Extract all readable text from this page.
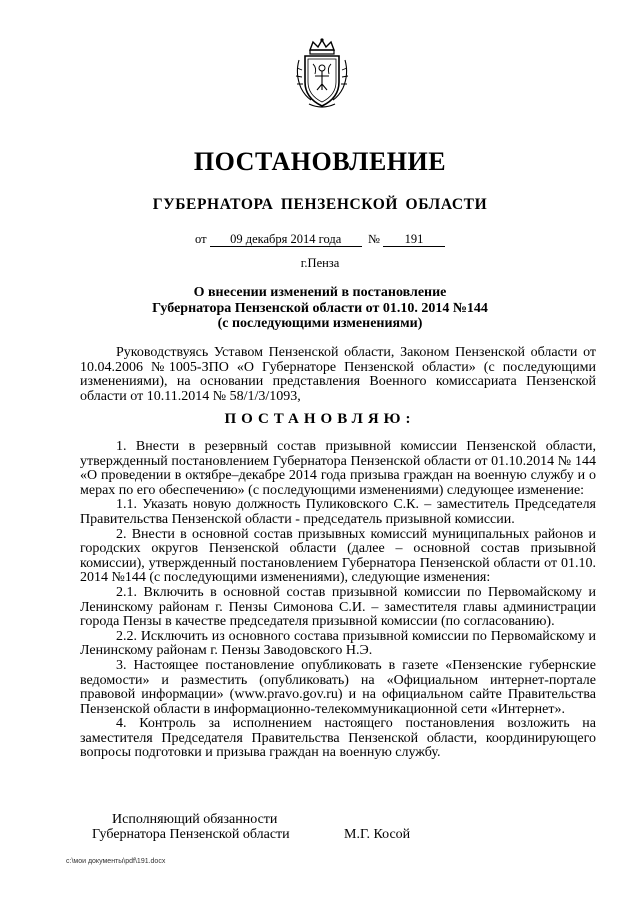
ПОСТАНОВЛЕНИЕ
ГУБЕРНАТОРА ПЕНЗЕНСКОЙ ОБЛАСТИ
от 09 декабря 2014 года № 191
г.Пенза
О внесении изменений в постановление
Губернатора Пензенской области от 01.10. 2014 №144
(с последующими изменениями)
Руководствуясь Уставом Пензенской области, Законом Пензенской области от 10.04.2006 №1005-ЗПО «О Губернаторе Пензенской области» (с последующими изменениями), на основании представления Военного комиссариата Пензенской области от 10.11.2014 № 58/1/3/1093,
ПОСТАНОВЛЯЮ:

1. Внести в резервный состав призывной комиссии Пензенской области, утвержденный постановлением Губернатора Пензенской области от 01.10.2014 № 144 «О проведении в октябре–декабре 2014 года призыва граждан на военную службу и о мерах по его обеспечению» (с последующими изменениями) следующее изменение:

1.1. Указать новую должность Пуликовского С.К. – заместитель Председателя Правительства Пензенской области - председатель призывной комиссии.

2. Внести в основной состав призывных комиссий муниципальных районов и городских округов Пензенской области (далее – основной состав призывной комиссии), утвержденный постановлением Губернатора Пензенской области от 01.10. 2014 №144 (с последующими изменениями), следующие изменения:

2.1. Включить в основной состав призывной комиссии по Первомайскому и Ленинскому районам г. Пензы Симонова С.И. – заместителя главы администрации города Пензы в качестве председателя призывной комиссии (по согласованию).

2.2. Исключить из основного состава призывной комиссии по Первомайскому и Ленинскому районам г. Пензы Заводовского Н.Э.

3. Настоящее постановление опубликовать в газете «Пензенские губернские ведомости» и разместить (опубликовать) на «Официальном интернет-портале правовой информации» (www.pravo.gov.ru) и на официальном сайте Правительства Пензенской области в информационно-телекоммуникационной сети «Интернет».

4. Контроль за исполнением настоящего постановления возложить на заместителя Председателя Правительства Пензенской области, координирующего вопросы подготовки и призыва граждан на военную службу.

Исполняющий обязанности
Губернатора Пензенской области	М.Г. Косой
c:\мои документы\pdf\191.docx
